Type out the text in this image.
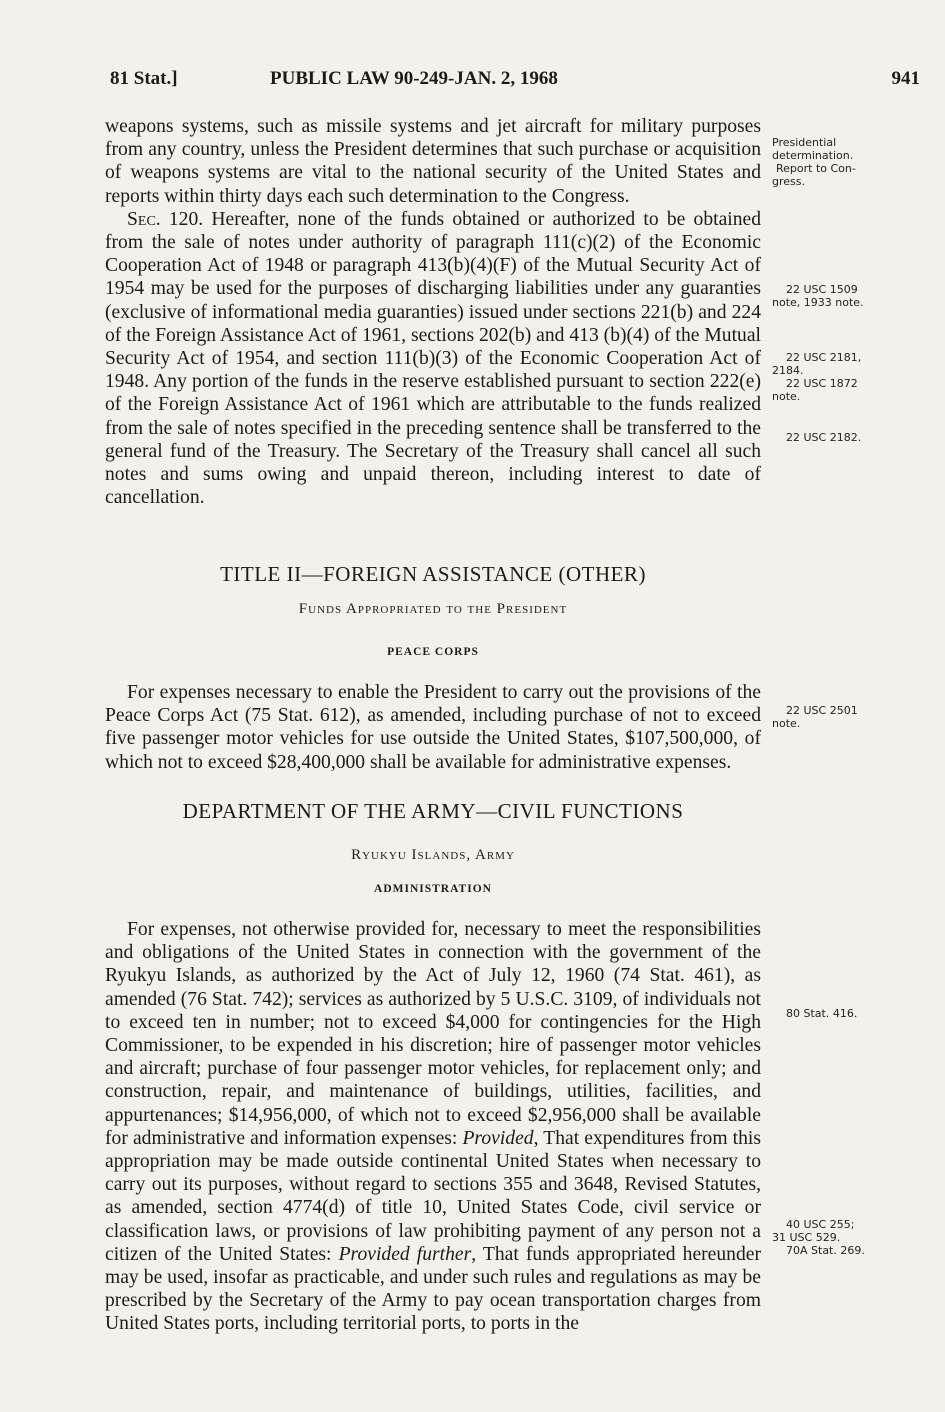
81 Stat.]	PUBLIC LAW 90-249-JAN. 2, 1968	941

weapons systems, such as missile systems and jet aircraft for military purposes from any country, unless the President determines that such purchase or acquisition of weapons systems are vital to the national security of the United States and reports within thirty days each such determination to the Congress.

Sec. 120. Hereafter, none of the funds obtained or authorized to be obtained from the sale of notes under authority of paragraph 111(c)(2) of the Economic Cooperation Act of 1948 or paragraph 413(b)(4)(F) of the Mutual Security Act of 1954 may be used for the purposes of discharging liabilities under any guaranties (exclusive of informational media guaranties) issued under sections 221(b) and 224 of the Foreign Assistance Act of 1961, sections 202(b) and 413 (b)(4) of the Mutual Security Act of 1954, and section 111(b)(3) of the Economic Cooperation Act of 1948. Any portion of the funds in the reserve established pursuant to section 222(e) of the Foreign Assistance Act of 1961 which are attributable to the funds realized from the sale of notes specified in the preceding sentence shall be transferred to the general fund of the Treasury. The Secretary of the Treasury shall cancel all such notes and sums owing and unpaid thereon, including interest to date of cancellation.

TITLE II—FOREIGN ASSISTANCE (OTHER)
Funds Appropriated to the President
PEACE CORPS

For expenses necessary to enable the President to carry out the provisions of the Peace Corps Act (75 Stat. 612), as amended, including purchase of not to exceed five passenger motor vehicles for use outside the United States, $107,500,000, of which not to exceed $28,400,000 shall be available for administrative expenses.

DEPARTMENT OF THE ARMY—CIVIL FUNCTIONS
Ryukyu Islands, Army
ADMINISTRATION

For expenses, not otherwise provided for, necessary to meet the responsibilities and obligations of the United States in connection with the government of the Ryukyu Islands, as authorized by the Act of July 12, 1960 (74 Stat. 461), as amended (76 Stat. 742); services as authorized by 5 U.S.C. 3109, of individuals not to exceed ten in number; not to exceed $4,000 for contingencies for the High Commissioner, to be expended in his discretion; hire of passenger motor vehicles and aircraft; purchase of four passenger motor vehicles, for replacement only; and construction, repair, and maintenance of buildings, utilities, facilities, and appurtenances; $14,956,000, of which not to exceed $2,956,000 shall be available for administrative and information expenses: Provided, That expenditures from this appropriation may be made outside continental United States when necessary to carry out its purposes, without regard to sections 355 and 3648, Revised Statutes, as amended, section 4774(d) of title 10, United States Code, civil service or classification laws, or provisions of law prohibiting payment of any person not a citizen of the United States: Provided further, That funds appropriated hereunder may be used, insofar as practicable, and under such rules and regulations as may be prescribed by the Secretary of the Army to pay ocean transportation charges from United States ports, including territorial ports, to ports in the

Presidential
determination.
Report to Con-
gress.
22 USC 1509
note, 1933 note.
22 USC 2181,
2184.
22 USC 1872
note.
22 USC 2182.
22 USC 2501
note.
80 Stat. 416.
40 USC 255;
31 USC 529.
70A Stat. 269.
